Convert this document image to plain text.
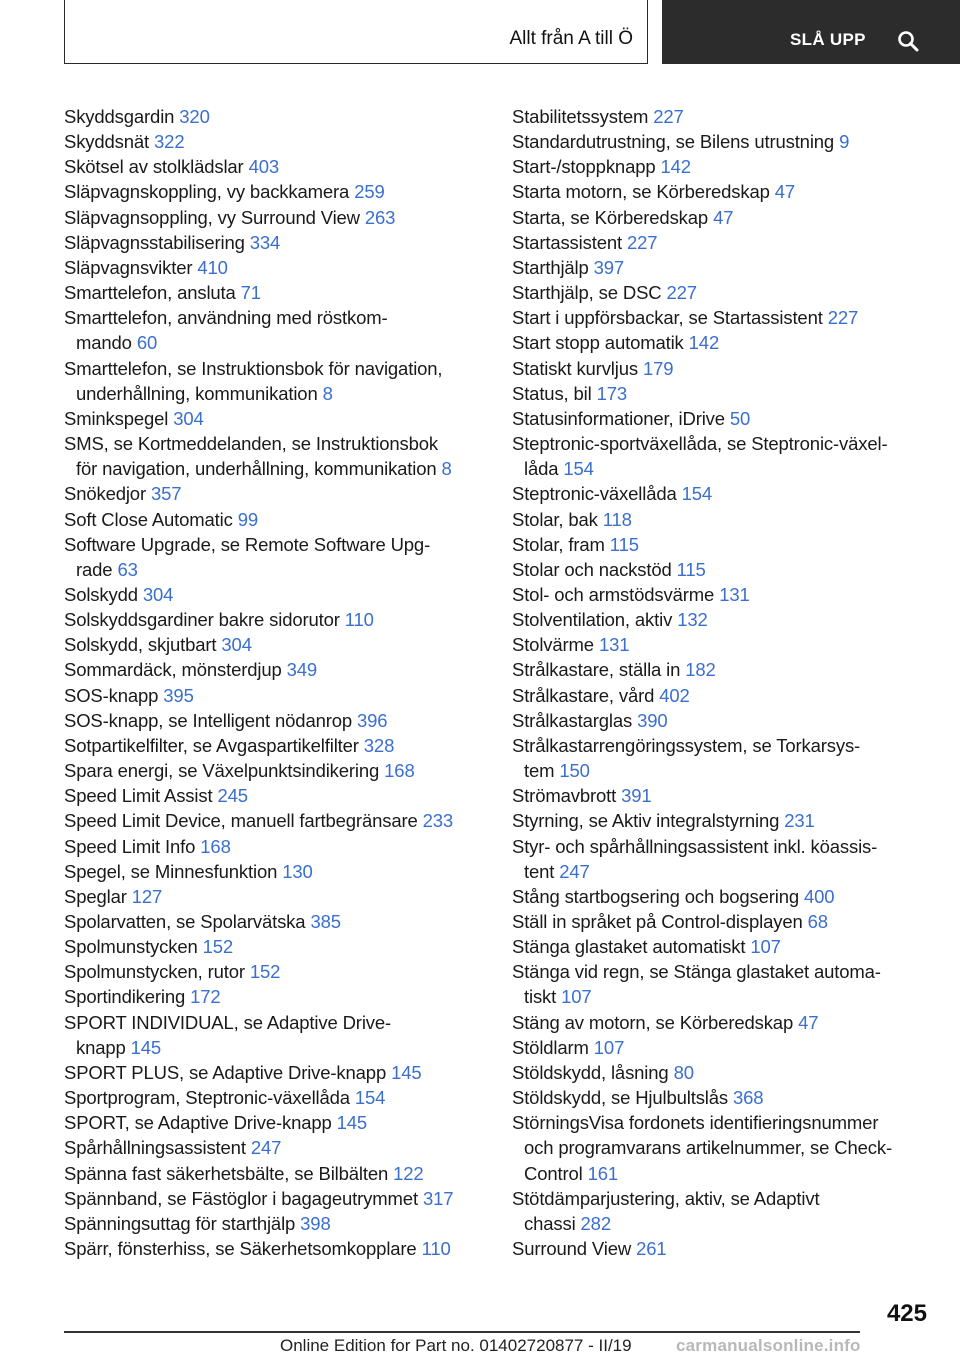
Allt från A till Ö	SLÅ UPP
Skyddsgardin 320
Skyddsnät 322
Skötsel av stolklädslar 403
Släpvagnskoppling, vy backkamera 259
Släpvagnsoppling, vy Surround View 263
Släpvagnsstabilisering 334
Släpvagnsvikter 410
Smarttelefon, ansluta 71
Smarttelefon, användning med röstkom-
mando 60
Smarttelefon, se Instruktionsbok för navigation,
underhållning, kommunikation 8
Sminkspegel 304
SMS, se Kortmeddelanden, se Instruktionsbok
för navigation, underhållning, kommunikation 8
Snökedjor 357
Soft Close Automatic 99
Software Upgrade, se Remote Software Upg-
rade 63
Solskydd 304
Solskyddsgardiner bakre sidorutor 110
Solskydd, skjutbart 304
Sommardäck, mönsterdjup 349
SOS-knapp 395
SOS-knapp, se Intelligent nödanrop 396
Sotpartikelfilter, se Avgaspartikelfilter 328
Spara energi, se Växelpunktsindikering 168
Speed Limit Assist 245
Speed Limit Device, manuell fartbegränsare 233
Speed Limit Info 168
Spegel, se Minnesfunktion 130
Speglar 127
Spolarvatten, se Spolarvätska 385
Spolmunstycken 152
Spolmunstycken, rutor 152
Sportindikering 172
SPORT INDIVIDUAL, se Adaptive Drive-
knapp 145
SPORT PLUS, se Adaptive Drive-knapp 145
Sportprogram, Steptronic-växellåda 154
SPORT, se Adaptive Drive-knapp 145
Spårhållningsassistent 247
Spänna fast säkerhetsbälte, se Bilbälten 122
Spännband, se Fästöglor i bagageutrymmet 317
Spänningsuttag för starthjälp 398
Spärr, fönsterhiss, se Säkerhetsomkopplare 110
Stabilitetssystem 227
Standardutrustning, se Bilens utrustning 9
Start-/stoppknapp 142
Starta motorn, se Körberedskap 47
Starta, se Körberedskap 47
Startassistent 227
Starthjälp 397
Starthjälp, se DSC 227
Start i uppförsbackar, se Startassistent 227
Start stopp automatik 142
Statiskt kurvljus 179
Status, bil 173
Statusinformationer, iDrive 50
Steptronic-sportväxellåda, se Steptronic-växel-
låda 154
Steptronic-växellåda 154
Stolar, bak 118
Stolar, fram 115
Stolar och nackstöd 115
Stol- och armstödsvärme 131
Stolventilation, aktiv 132
Stolvärme 131
Strålkastare, ställa in 182
Strålkastare, vård 402
Strålkastarglas 390
Strålkastarrengöringssystem, se Torkarsys-
tem 150
Strömavbrott 391
Styrning, se Aktiv integralstyrning 231
Styr- och spårhållningsassistent inkl. köassis-
tent 247
Stång startbogsering och bogsering 400
Ställ in språket på Control-displayen 68
Stänga glastaket automatiskt 107
Stänga vid regn, se Stänga glastaket automa-
tiskt 107
Stäng av motorn, se Körberedskap 47
Stöldlarm 107
Stöldskydd, låsning 80
Stöldskydd, se Hjulbultslås 368
StörningsVisa fordonets identifieringsnummer
och programvarans artikelnummer, se Check-
Control 161
Stötdämparjustering, aktiv, se Adaptivt
chassi 282
Surround View 261
425
Online Edition for Part no. 01402720877 - II/19	carmanualsonline.info
